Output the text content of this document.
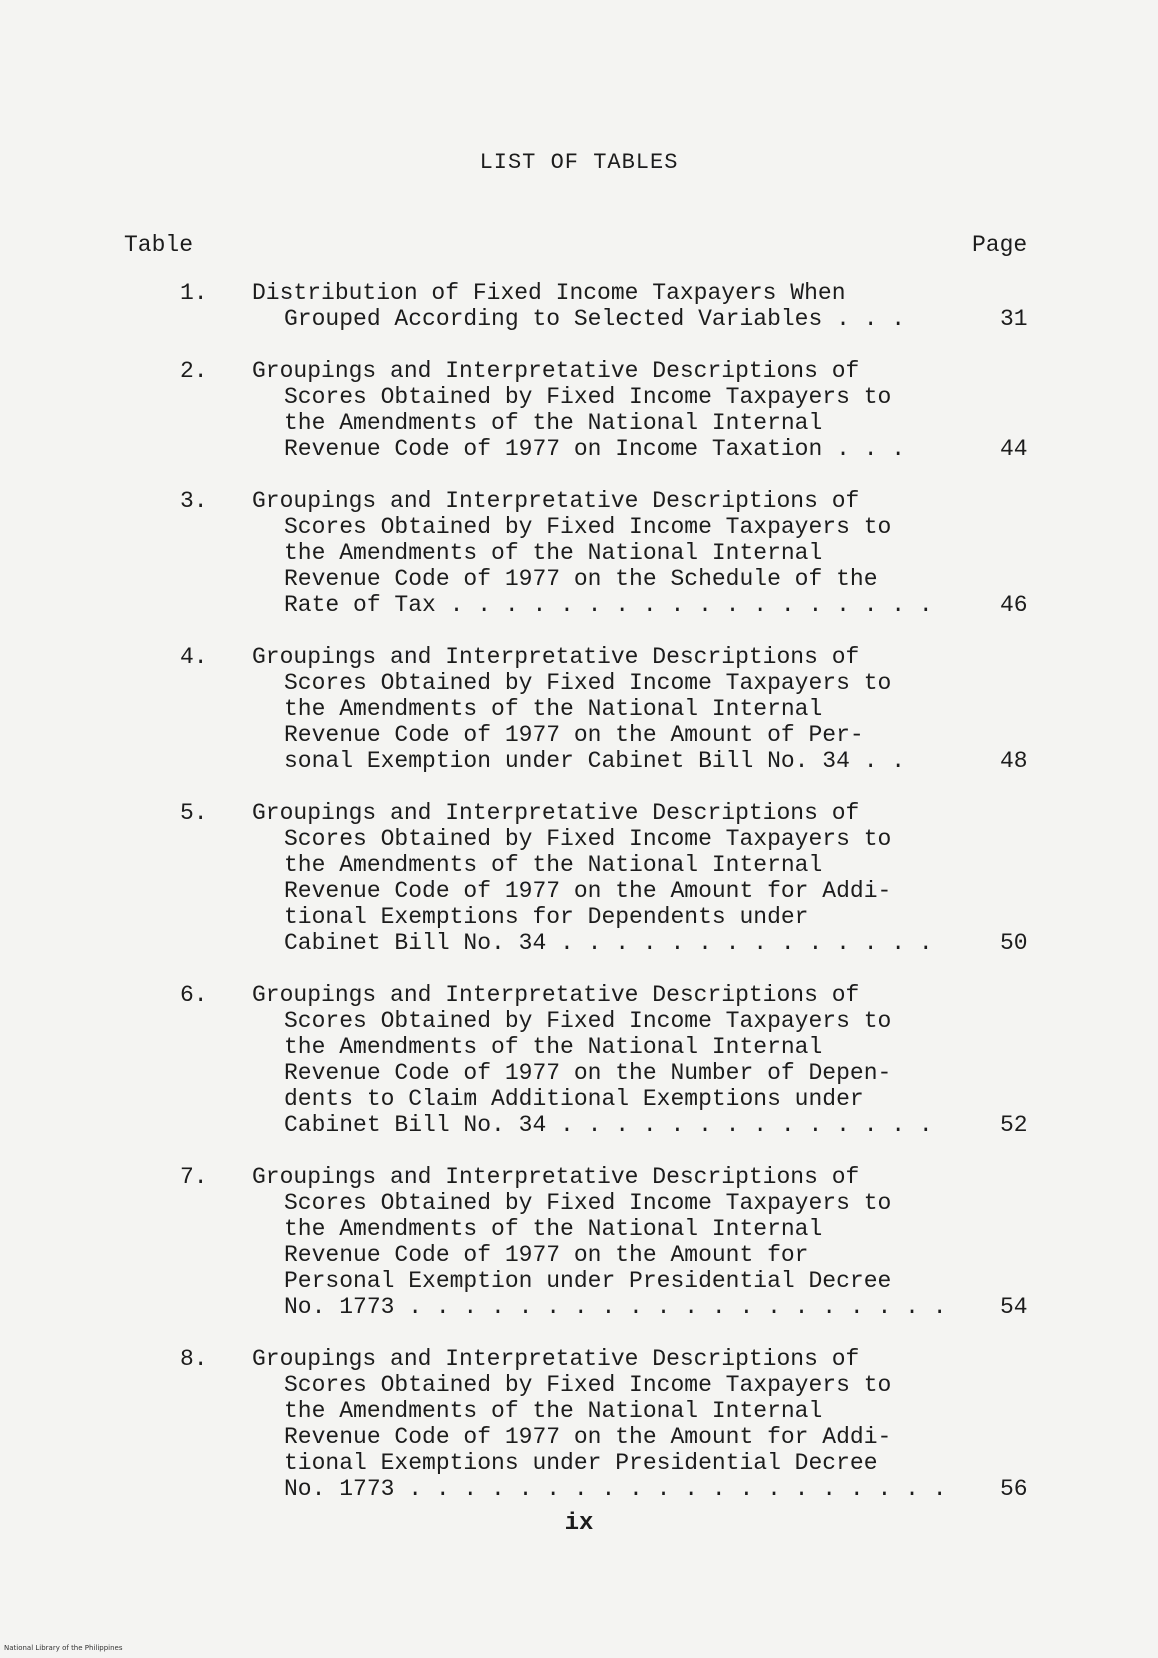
LIST OF TABLES
Table	Page
1. Distribution of Fixed Income Taxpayers When
Grouped According to Selected Variables . . .	31
2. Groupings and Interpretative Descriptions of
Scores Obtained by Fixed Income Taxpayers to
the Amendments of the National Internal
Revenue Code of 1977 on Income Taxation . . .	44
3. Groupings and Interpretative Descriptions of
Scores Obtained by Fixed Income Taxpayers to
the Amendments of the National Internal
Revenue Code of 1977 on the Schedule of the
Rate of Tax . . . . . . . . . . . . . . . . . .	46
4. Groupings and Interpretative Descriptions of
Scores Obtained by Fixed Income Taxpayers to
the Amendments of the National Internal
Revenue Code of 1977 on the Amount of Per-
sonal Exemption under Cabinet Bill No. 34 . .	48
5. Groupings and Interpretative Descriptions of
Scores Obtained by Fixed Income Taxpayers to
the Amendments of the National Internal
Revenue Code of 1977 on the Amount for Addi-
tional Exemptions for Dependents under
Cabinet Bill No. 34 . . . . . . . . . . . . . .	50
6. Groupings and Interpretative Descriptions of
Scores Obtained by Fixed Income Taxpayers to
the Amendments of the National Internal
Revenue Code of 1977 on the Number of Depen-
dents to Claim Additional Exemptions under
Cabinet Bill No. 34 . . . . . . . . . . . . . .	52
7. Groupings and Interpretative Descriptions of
Scores Obtained by Fixed Income Taxpayers to
the Amendments of the National Internal
Revenue Code of 1977 on the Amount for
Personal Exemption under Presidential Decree
No. 1773 . . . . . . . . . . . . . . . . . . . .	54
8. Groupings and Interpretative Descriptions of
Scores Obtained by Fixed Income Taxpayers to
the Amendments of the National Internal
Revenue Code of 1977 on the Amount for Addi-
tional Exemptions under Presidential Decree
No. 1773 . . . . . . . . . . . . . . . . . . . .	56
ix
National Library of the Philippines
